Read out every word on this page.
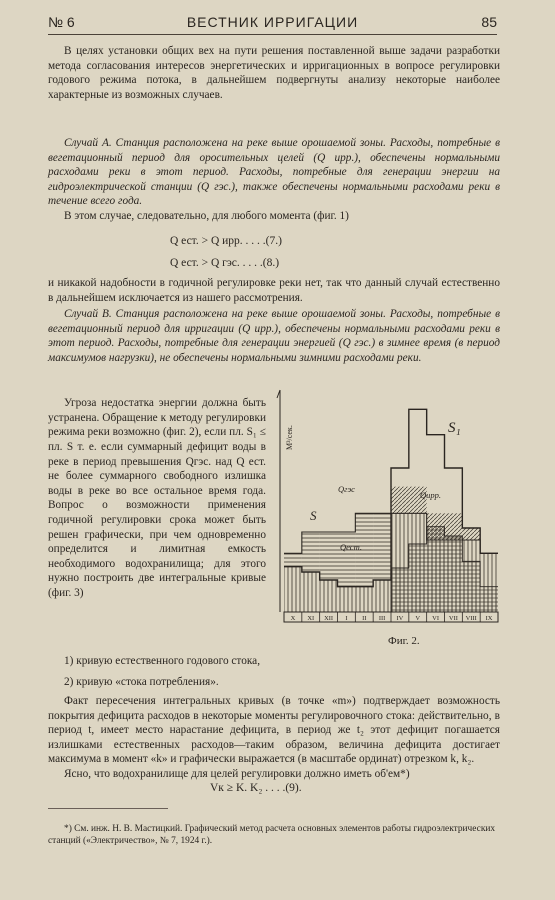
№ 6	ВЕСТНИК ИРРИГАЦИИ	85

В целях установки общих вех на пути решения поставленной выше задачи разработки метода согласования интересов энергетических и ирригационных в вопросе регулировки годового режима потока, в дальнейшем подвергнуты анализу некоторые наиболее характерные из возможных случаев.

Случай А. Станция расположена на реке выше орошаемой зоны. Расходы, потребные в вегетационный период для оросительных целей (Q ирр.), обеспечены нормальными расходами реки в этот период. Расходы, потребные для генерации энергии на гидроэлектрической станции (Q гэс.), также обеспечены нормальными расходами реки в течение всего года.

В этом случае, следовательно, для любого момента (фиг. 1)

Q ест. > Q ирр. . . . .(7.)
Q ест. > Q гэс. . . . .(8.)

и никакой надобности в годичной регулировке реки нет, так что данный случай естественно в дальнейшем исключается из нашего рассмотрения.

Случай В. Станция расположена на реке выше орошаемой зоны. Расходы, потребные в вегетационный период для ирригации (Q ирр.), обеспечены нормальными расходами реки в этот период. Расходы, потребные для генерации энергией (Q гэс.) в зимнее время (в период максимумов нагрузки), не обеспечены нормальными зимними расходами реки.

Угроза недостатка энергии должна быть устранена. Обращение к методу регулировки режима реки возможно (фиг. 2), если пл. S₁ ≤ пл. S т. е. если суммарный дефицит воды в реке в период превышения Qгэс. над Q ест. не более суммарного свободного излишка воды в реке во все остальное время года. Вопрос о возможности применения годичной регулировки срока может быть решен графически, при чем одновременно определится и лимитная емкость необходимого водохранилища; для этого нужно построить две интегральные кривые (фиг. 3)

M³/сек.
X XI XII I II III IV V VI VII VIII IX
S₁
S
Qгэс
Qирр.
Qест.
Фиг. 2.

1) кривую естественного годового стока,

2) кривую «стока потребления».

Факт пересечения интегральных кривых (в точке «m») подтверждает возможность покрытия дефицита расходов в некоторые моменты регулировочного стока: действительно, в период t, имеет место нарастание дефицита, в период же t₂ этот дефицит погашается излишками естественных расходов—таким образом, величина дефицита достигает максимума в момент «k» и графически выражается (в масштабе ординат) отрезком k, k₂.

Ясно, что водохранилище для целей регулировки должно иметь об'ем*)

Vк ≥ K. K₂ . . . .(9).

*) См. инж. Н. В. Мастицкий. Графический метод расчета основных элементов работы гидроэлектрических станций («Электричество», № 7, 1924 г.).
